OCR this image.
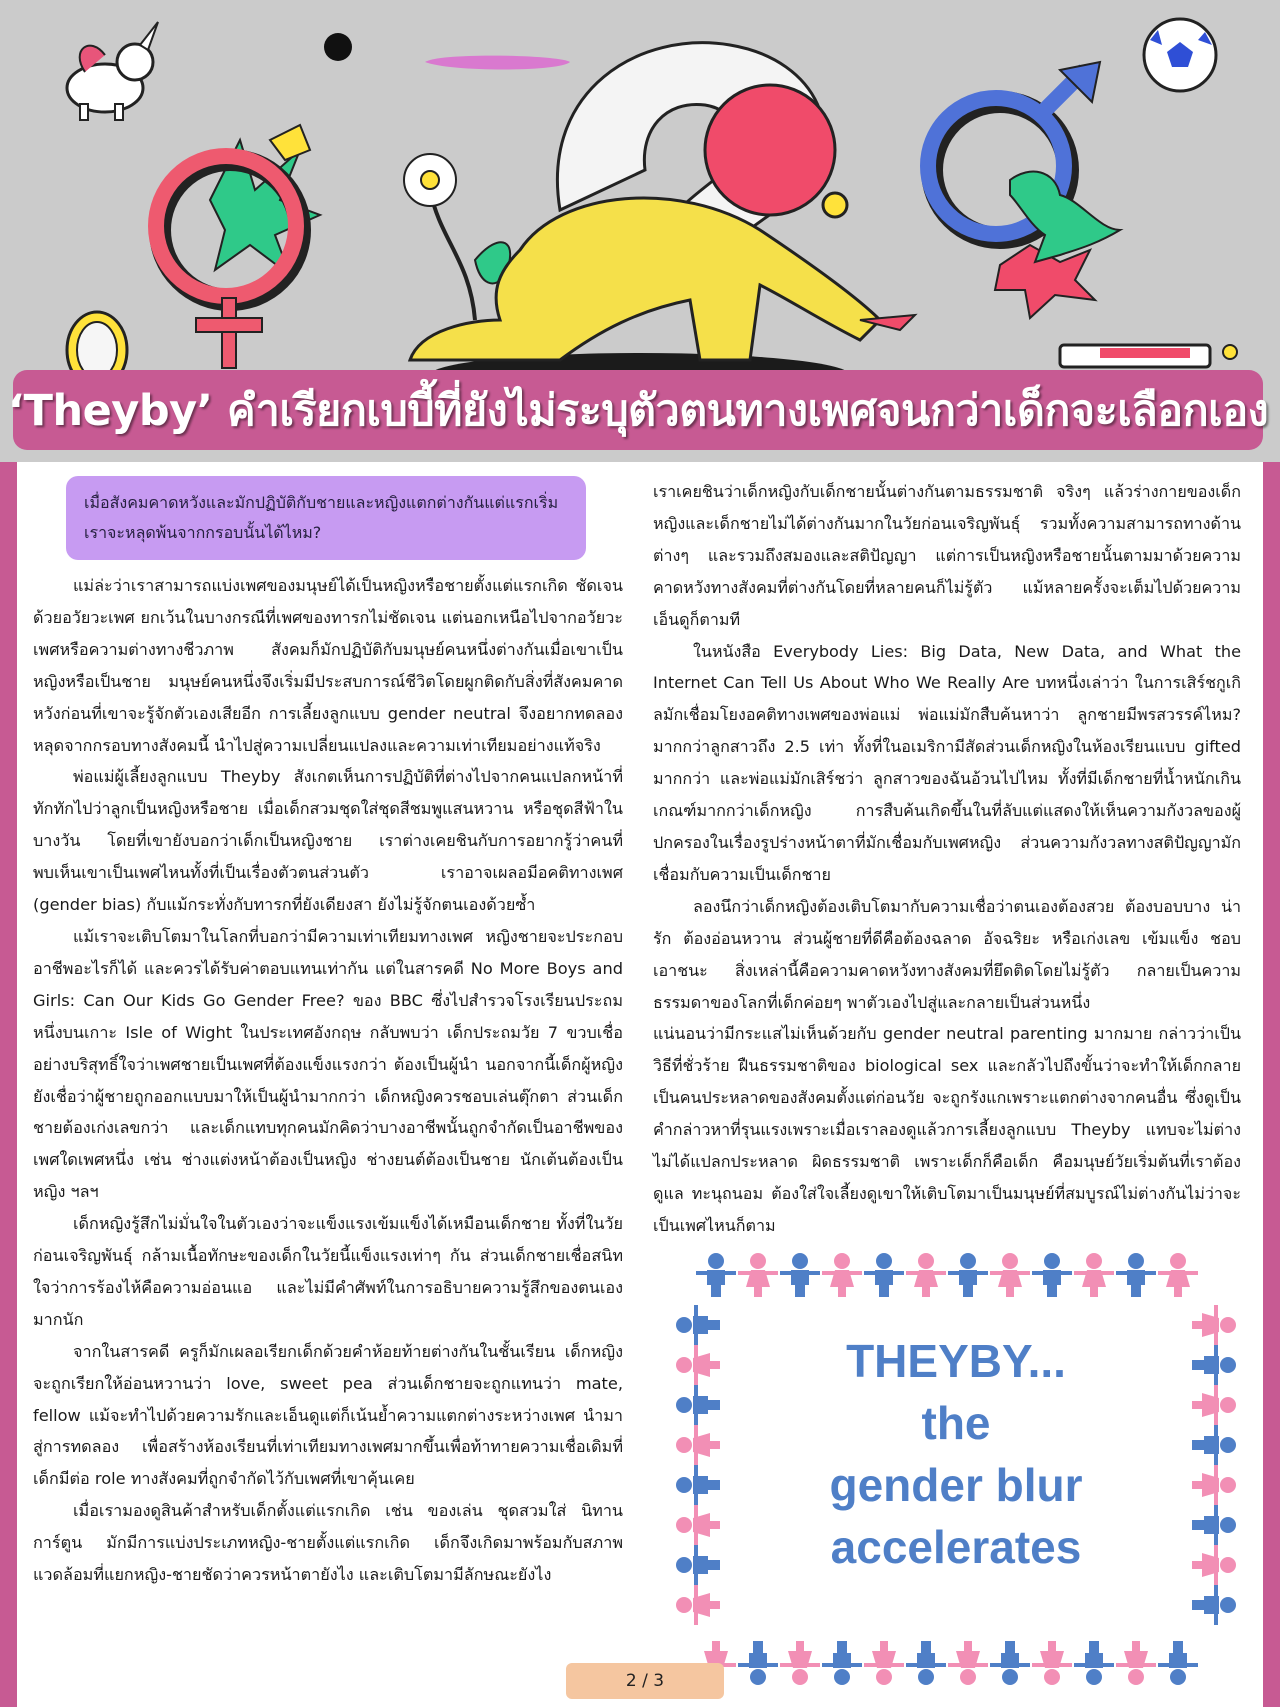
‘Theyby’ คำเรียกเบบี้ที่ยังไม่ระบุตัวตนทางเพศจนกว่าเด็กจะเลือกเอง
เมื่อสังคมคาดหวังและมักปฏิบัติกับชายและหญิงแตกต่างกันแต่แรกเริ่ม เราจะหลุดพ้นจากกรอบนั้นได้ไหม?

แม่ล่ะว่าเราสามารถแบ่งเพศของมนุษย์ได้เป็นหญิงหรือชายตั้งแต่แรกเกิด ชัดเจนด้วยอวัยวะเพศ ยกเว้นในบางกรณีที่เพศของทารกไม่ชัดเจน แต่นอกเหนือไปจากอวัยวะเพศหรือความต่างทางชีวภาพ สังคมก็มักปฏิบัติกับมนุษย์คนหนึ่งต่างกันเมื่อเขาเป็นหญิงหรือเป็นชาย มนุษย์คนหนึ่งจึงเริ่มมีประสบการณ์ชีวิตโดยผูกติดกับสิ่งที่สังคมคาดหวังก่อนที่เขาจะรู้จักตัวเองเสียอีก การเลี้ยงลูกแบบ gender neutral จึงอยากทดลองหลุดจากกรอบทางสังคมนี้ นำไปสู่ความเปลี่ยนแปลงและความเท่าเทียมอย่างแท้จริง

พ่อแม่ผู้เลี้ยงลูกแบบ Theyby สังเกตเห็นการปฏิบัติที่ต่างไปจากคนแปลกหน้าที่ทักทักไปว่าลูกเป็นหญิงหรือชาย เมื่อเด็กสวมชุดใส่ชุดสีชมพูแสนหวาน หรือชุดสีฟ้าในบางวัน โดยที่เขายังบอกว่าเด็กเป็นหญิงชาย เราต่างเคยชินกับการอยากรู้ว่าคนที่พบเห็นเขาเป็นเพศไหนทั้งที่เป็นเรื่องตัวตนส่วนตัว เราอาจเผลอมีอคติทางเพศ (gender bias) กับแม้กระทั่งกับทารกที่ยังเดียงสา ยังไม่รู้จักตนเองด้วยซ้ำ

แม้เราจะเติบโตมาในโลกที่บอกว่ามีความเท่าเทียมทางเพศ หญิงชายจะประกอบอาชีพอะไรก็ได้ และควรได้รับค่าตอบแทนเท่ากัน แต่ในสารคดี No More Boys and Girls: Can Our Kids Go Gender Free? ของ BBC ซึ่งไปสำรวจโรงเรียนประถมหนึ่งบนเกาะ Isle of Wight ในประเทศอังกฤษ กลับพบว่า เด็กประถมวัย 7 ขวบเชื่ออย่างบริสุทธิ์ใจว่าเพศชายเป็นเพศที่ต้องแข็งแรงกว่า ต้องเป็นผู้นำ นอกจากนี้เด็กผู้หญิงยังเชื่อว่าผู้ชายถูกออกแบบมาให้เป็นผู้นำมากกว่า เด็กหญิงควรชอบเล่นตุ๊กตา ส่วนเด็กชายต้องเก่งเลขกว่า และเด็กแทบทุกคนมักคิดว่าบางอาชีพนั้นถูกจำกัดเป็นอาชีพของเพศใดเพศหนึ่ง เช่น ช่างแต่งหน้าต้องเป็นหญิง ช่างยนต์ต้องเป็นชาย นักเต้นต้องเป็นหญิง ฯลฯ

เด็กหญิงรู้สึกไม่มั่นใจในตัวเองว่าจะแข็งแรงเข้มแข็งได้เหมือนเด็กชาย ทั้งที่ในวัยก่อนเจริญพันธุ์ กล้ามเนื้อทักษะของเด็กในวัยนี้แข็งแรงเท่าๆ กัน ส่วนเด็กชายเชื่อสนิทใจว่าการร้องไห้คือความอ่อนแอ และไม่มีคำศัพท์ในการอธิบายความรู้สึกของตนเองมากนัก

จากในสารคดี ครูก็มักเผลอเรียกเด็กด้วยคำห้อยท้ายต่างกันในชั้นเรียน เด็กหญิงจะถูกเรียกให้อ่อนหวานว่า love, sweet pea ส่วนเด็กชายจะถูกแทนว่า mate, fellow แม้จะทำไปด้วยความรักและเอ็นดูแต่ก็เน้นย้ำความแตกต่างระหว่างเพศ นำมาสู่การทดลอง เพื่อสร้างห้องเรียนที่เท่าเทียมทางเพศมากขึ้นเพื่อท้าทายความเชื่อเดิมที่เด็กมีต่อ role ทางสังคมที่ถูกจำกัดไว้กับเพศที่เขาคุ้นเคย

เมื่อเรามองดูสินค้าสำหรับเด็กตั้งแต่แรกเกิด เช่น ของเล่น ชุดสวมใส่ นิทาน การ์ตูน มักมีการแบ่งประเภทหญิง-ชายตั้งแต่แรกเกิด เด็กจึงเกิดมาพร้อมกับสภาพแวดล้อมที่แยกหญิง-ชายชัดว่าควรหน้าตายังไง และเติบโตมามีลักษณะยังไง

เราเคยชินว่าเด็กหญิงกับเด็กชายนั้นต่างกันตามธรรมชาติ จริงๆ แล้วร่างกายของเด็กหญิงและเด็กชายไม่ได้ต่างกันมากในวัยก่อนเจริญพันธุ์ รวมทั้งความสามารถทางด้านต่างๆ และรวมถึงสมองและสติปัญญา แต่การเป็นหญิงหรือชายนั้นตามมาด้วยความคาดหวังทางสังคมที่ต่างกันโดยที่หลายคนก็ไม่รู้ตัว แม้หลายครั้งจะเต็มไปด้วยความเอ็นดูก็ตามที

ในหนังสือ Everybody Lies: Big Data, New Data, and What the Internet Can Tell Us About Who We Really Are บทหนึ่งเล่าว่า ในการเสิร์ชกูเกิลมักเชื่อมโยงอคติทางเพศของพ่อแม่ พ่อแม่มักสืบค้นหาว่า ลูกชายมีพรสวรรค์ไหม? มากกว่าลูกสาวถึง 2.5 เท่า ทั้งที่ในอเมริกามีสัดส่วนเด็กหญิงในห้องเรียนแบบ gifted มากกว่า และพ่อแม่มักเสิร์ชว่า ลูกสาวของฉันอ้วนไปไหม ทั้งที่มีเด็กชายที่น้ำหนักเกินเกณฑ์มากกว่าเด็กหญิง การสืบค้นเกิดขึ้นในที่ลับแต่แสดงให้เห็นความกังวลของผู้ปกครองในเรื่องรูปร่างหน้าตาที่มักเชื่อมกับเพศหญิง ส่วนความกังวลทางสติปัญญามักเชื่อมกับความเป็นเด็กชาย

ลองนึกว่าเด็กหญิงต้องเติบโตมากับความเชื่อว่าตนเองต้องสวย ต้องบอบบาง น่ารัก ต้องอ่อนหวาน ส่วนผู้ชายที่ดีคือต้องฉลาด อัจฉริยะ หรือเก่งเลข เข้มแข็ง ชอบเอาชนะ สิ่งเหล่านี้คือความคาดหวังทางสังคมที่ยึดติดโดยไม่รู้ตัว กลายเป็นความธรรมดาของโลกที่เด็กค่อยๆ พาตัวเองไปสู่และกลายเป็นส่วนหนึ่ง

แน่นอนว่ามีกระแสไม่เห็นด้วยกับ gender neutral parenting มากมาย กล่าวว่าเป็นวิธีที่ชั่วร้าย ฝืนธรรมชาติของ biological sex และกลัวไปถึงขั้นว่าจะทำให้เด็กกลายเป็นคนประหลาดของสังคมตั้งแต่ก่อนวัย จะถูกรังแกเพราะแตกต่างจากคนอื่น ซึ่งดูเป็นคำกล่าวหาที่รุนแรงเพราะเมื่อเราลองดูแล้วการเลี้ยงลูกแบบ Theyby แทบจะไม่ต่าง ไม่ได้แปลกประหลาด ผิดธรรมชาติ เพราะเด็กก็คือเด็ก คือมนุษย์วัยเริ่มต้นที่เราต้องดูแล ทะนุถนอม ต้องใส่ใจเลี้ยงดูเขาให้เติบโตมาเป็นมนุษย์ที่สมบูรณ์ไม่ต่างกันไม่ว่าจะเป็นเพศไหนก็ตาม

THEYBY...
the
gender blur
accelerates
2 / 3
